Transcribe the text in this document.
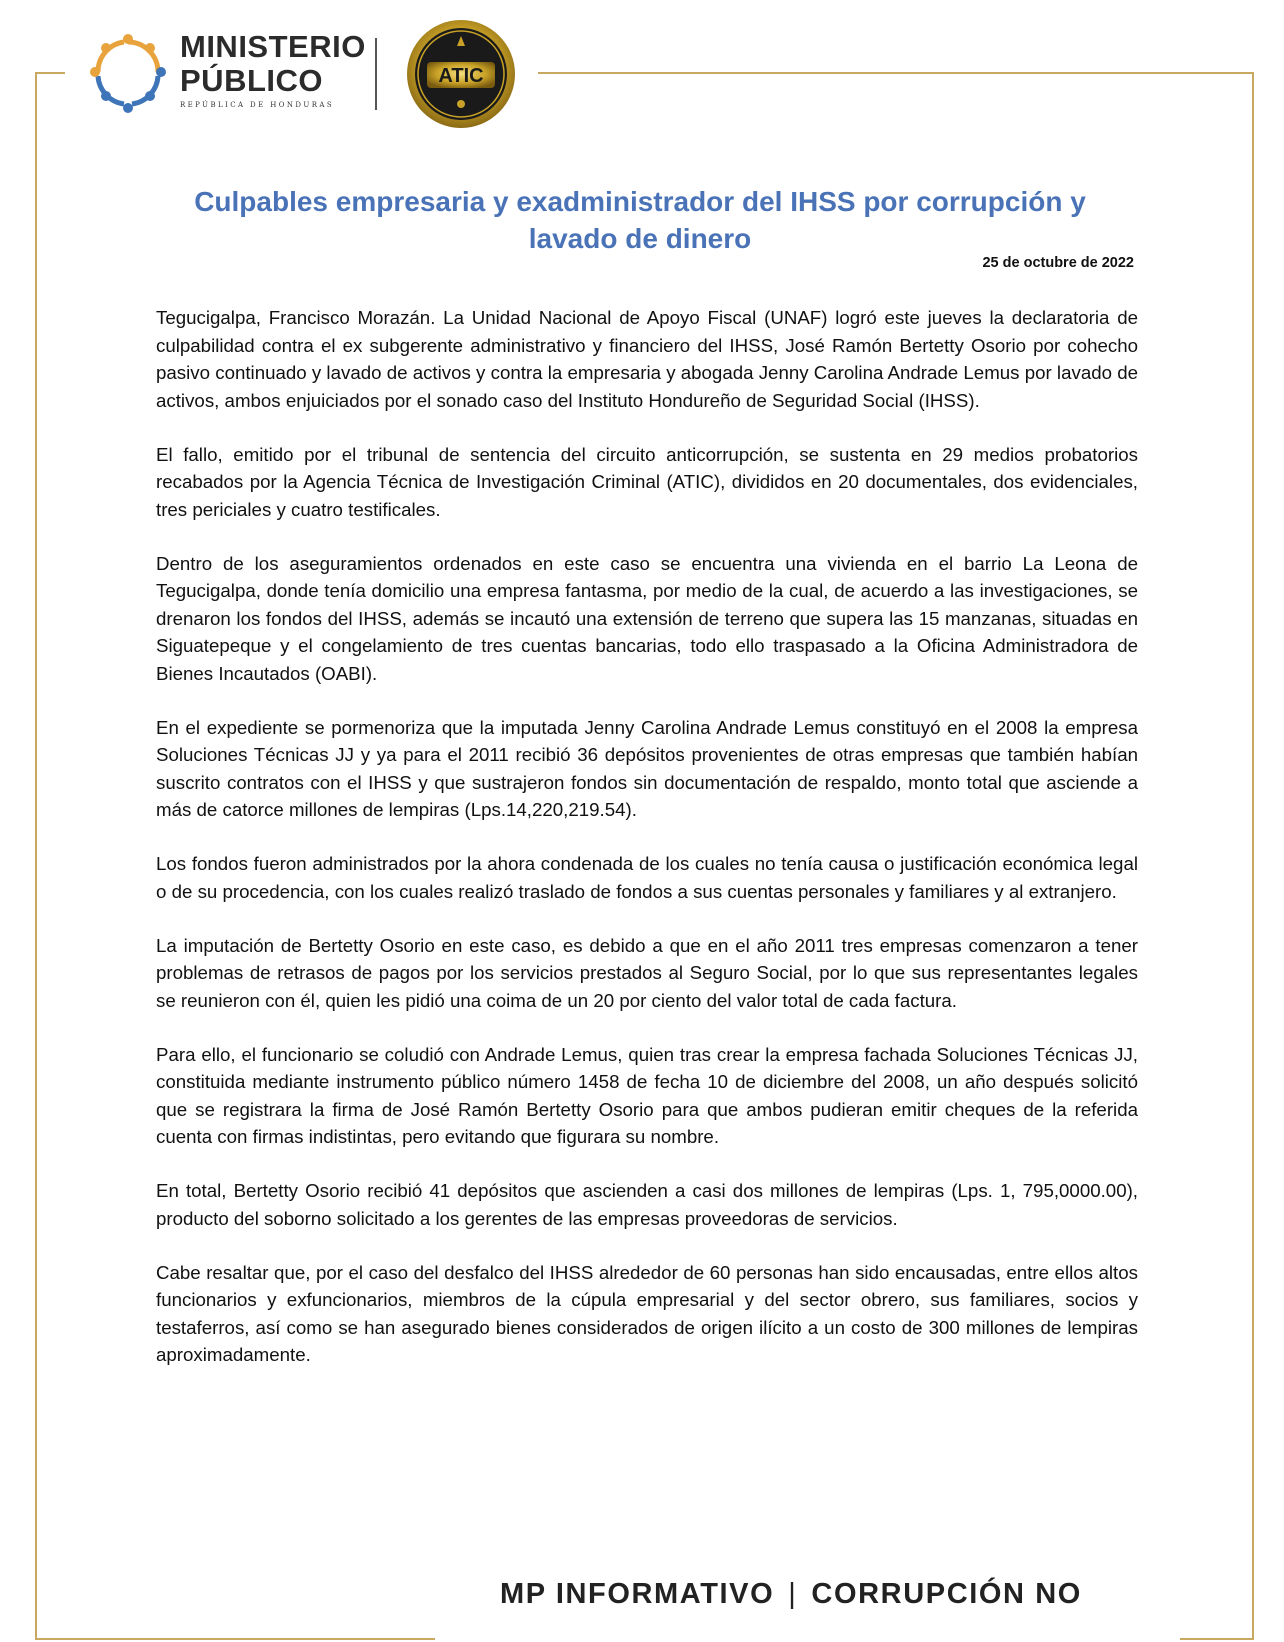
MINISTERIO
PÚBLICO
REPÚBLICA DE HONDURAS
ATIC
Culpables empresaria y exadministrador del IHSS por corrupción y lavado de dinero
25 de octubre de 2022

Tegucigalpa, Francisco Morazán. La Unidad Nacional de Apoyo Fiscal (UNAF) logró este jueves la declaratoria de culpabilidad contra el ex subgerente administrativo y financiero del IHSS, José Ramón Bertetty Osorio por cohecho pasivo continuado y lavado de activos y contra la empresaria y abogada Jenny Carolina Andrade Lemus por lavado de activos, ambos enjuiciados por el sonado caso del Instituto Hondureño de Seguridad Social (IHSS).

El fallo, emitido por el tribunal de sentencia del circuito anticorrupción, se sustenta en 29 medios probatorios recabados por la Agencia Técnica de Investigación Criminal (ATIC), divididos en 20 documentales, dos evidenciales, tres periciales y cuatro testificales.

Dentro de los aseguramientos ordenados en este caso se encuentra una vivienda en el barrio La Leona de Tegucigalpa, donde tenía domicilio una empresa fantasma, por medio de la cual, de acuerdo a las investigaciones, se drenaron los fondos del IHSS, además se incautó una extensión de terreno que supera las 15 manzanas, situadas en Siguatepeque y el congelamiento de tres cuentas bancarias, todo ello traspasado a la Oficina Administradora de Bienes Incautados (OABI).

En el expediente se pormenoriza que la imputada Jenny Carolina Andrade Lemus constituyó en el 2008 la empresa Soluciones Técnicas JJ y ya para el 2011 recibió 36 depósitos provenientes de otras empresas que también habían suscrito contratos con el IHSS y que sustrajeron fondos sin documentación de respaldo, monto total que asciende a más de catorce millones de lempiras (Lps.14,220,219.54).

Los fondos fueron administrados por la ahora condenada de los cuales no tenía causa o justificación económica legal o de su procedencia, con los cuales realizó traslado de fondos a sus cuentas personales y familiares y al extranjero.

La imputación de Bertetty Osorio en este caso, es debido a que en el año 2011 tres empresas comenzaron a tener problemas de retrasos de pagos por los servicios prestados al Seguro Social, por lo que sus representantes legales se reunieron con él, quien les pidió una coima de un 20 por ciento del valor total de cada factura.

Para ello, el funcionario se coludió con Andrade Lemus, quien tras crear la empresa fachada Soluciones Técnicas JJ, constituida mediante instrumento público número 1458 de fecha 10 de diciembre del 2008, un año después solicitó que se registrara la firma de José Ramón Bertetty Osorio para que ambos pudieran emitir cheques de la referida cuenta con firmas indistintas, pero evitando que figurara su nombre.

En total, Bertetty Osorio recibió 41 depósitos que ascienden a casi dos millones de lempiras (Lps. 1, 795,0000.00), producto del soborno solicitado a los gerentes de las empresas proveedoras de servicios.

Cabe resaltar que, por el caso del desfalco del IHSS alrededor de 60 personas han sido encausadas, entre ellos altos funcionarios y exfuncionarios, miembros de la cúpula empresarial y del sector obrero, sus familiares, socios y testaferros, así como se han asegurado bienes considerados de origen ilícito a un costo de 300 millones de lempiras aproximadamente.

MP INFORMATIVO | CORRUPCIÓN NO
